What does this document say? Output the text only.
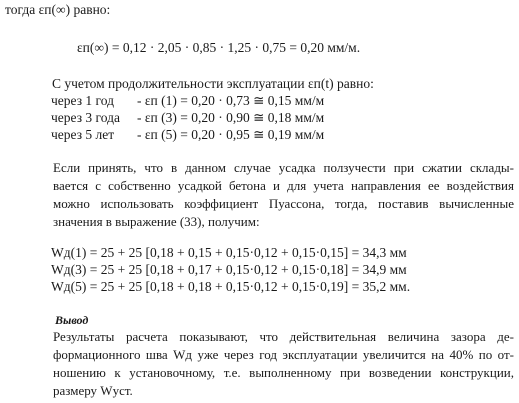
тогда εп(∞) равно:
εп(∞) = 0,12 · 2,05 · 0,85 · 1,25 · 0,75 = 0,20 мм/м.
С учетом продолжительности эксплуатации εп(t) равно:
через 1 год - εп (1) = 0,20 · 0,73 ≅ 0,15 мм/м
через 3 года - εп (3) = 0,20 · 0,90 ≅ 0,18 мм/м
через 5 лет - εп (5) = 0,20 · 0,95 ≅ 0,19 мм/м
Если принять, что в данном случае усадка ползучести при сжатии склады-
вается с собственно усадкой бетона и для учета направления ее воздействия
можно использовать коэффициент Пуассона, тогда, поставив вычисленные
значения в выражение (33), получим:
Wд(1) = 25 + 25 [0,18 + 0,15 + 0,15·0,12 + 0,15·0,15] = 34,3 мм
Wд(3) = 25 + 25 [0,18 + 0,17 + 0,15·0,12 + 0,15·0,18] = 34,9 мм
Wд(5) = 25 + 25 [0,18 + 0,18 + 0,15·0,12 + 0,15·0,19] = 35,2 мм.
Вывод
Результаты расчета показывают, что действительная величина зазора де-
формационного шва Wд уже через год эксплуатации увеличится на 40% по от-
ношению к установочному, т.е. выполненному при возведении конструкции,
размеру Wуст.
